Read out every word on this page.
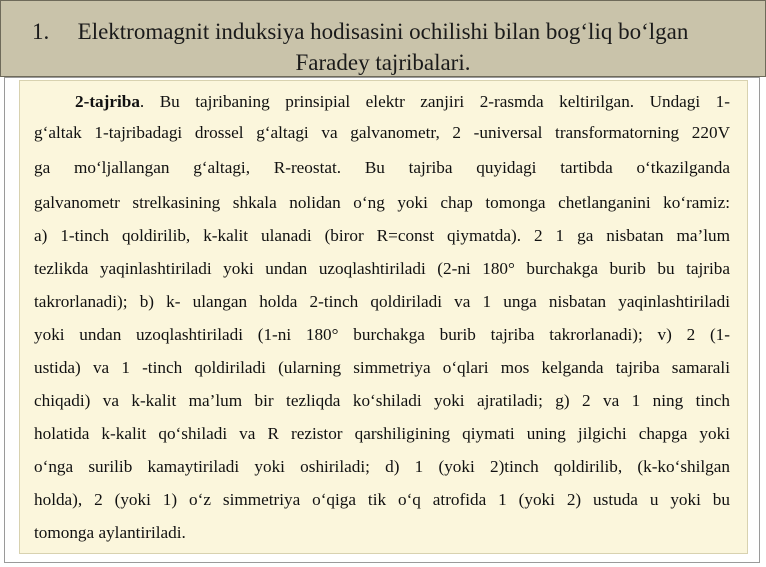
1.	Elektromagnit induksiya hodisasini ochilishi bilan bog‘liq bo‘lgan
Faradey tajribalari.
2-tajriba. Bu tajribaning prinsipial elektr zanjiri 2-rasmda keltirilgan. Undagi 1-
g‘altak 1-tajribadagi drossel g‘altagi va galvanometr, 2 -universal transformatorning 220V
ga mo‘ljallangan g‘altagi, R-reostat. Bu tajriba quyidagi tartibda o‘tkazilganda
galvanometr strelkasining shkala nolidan o‘ng yoki chap tomonga chetlanganini ko‘ramiz:
a) 1-tinch qoldirilib, k-kalit ulanadi (biror R=const qiymatda). 2 1 ga nisbatan ma’lum
tezlikda yaqinlashtiriladi yoki undan uzoqlashtiriladi (2-ni 180° burchakga burib bu tajriba
takrorlanadi); b) k- ulangan holda 2-tinch qoldiriladi va 1 unga nisbatan yaqinlashtiriladi
yoki undan uzoqlashtiriladi (1-ni 180° burchakga burib tajriba takrorlanadi); v) 2 (1-
ustida) va 1 -tinch qoldiriladi (ularning simmetriya o‘qlari mos kelganda tajriba samarali
chiqadi) va k-kalit ma’lum bir tezliqda ko‘shiladi yoki ajratiladi; g) 2 va 1 ning tinch
holatida k-kalit qo‘shiladi va R rezistor qarshiligining qiymati uning jilgichi chapga yoki
o‘nga surilib kamaytiriladi yoki oshiriladi; d) 1 (yoki 2)tinch qoldirilib, (k-ko‘shilgan
holda), 2 (yoki 1) o‘z simmetriya o‘qiga tik o‘q atrofida 1 (yoki 2) ustuda u yoki bu
tomonga aylantiriladi.
